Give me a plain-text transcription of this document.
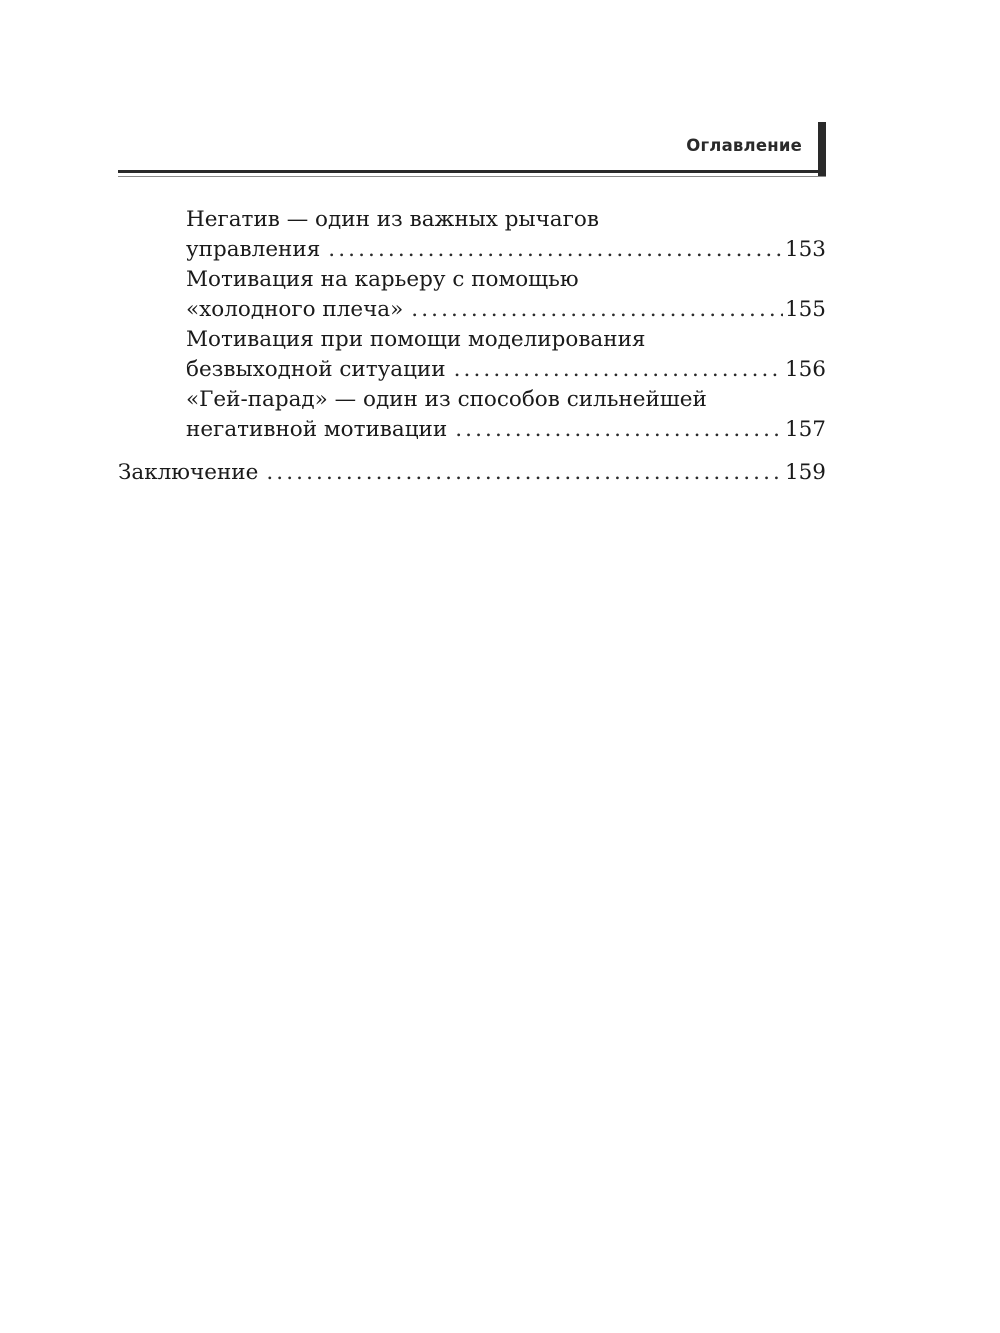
Оглавление
Негатив — один из важных рычагов
управления .....	153
Мотивация на карьеру с помощью
«холодного плеча» .....	155
Мотивация при помощи моделирования
безвыходной ситуации .....	156
«Гей-парад» — один из способов сильнейшей
негативной мотивации .....	157
Заключение .....	159
